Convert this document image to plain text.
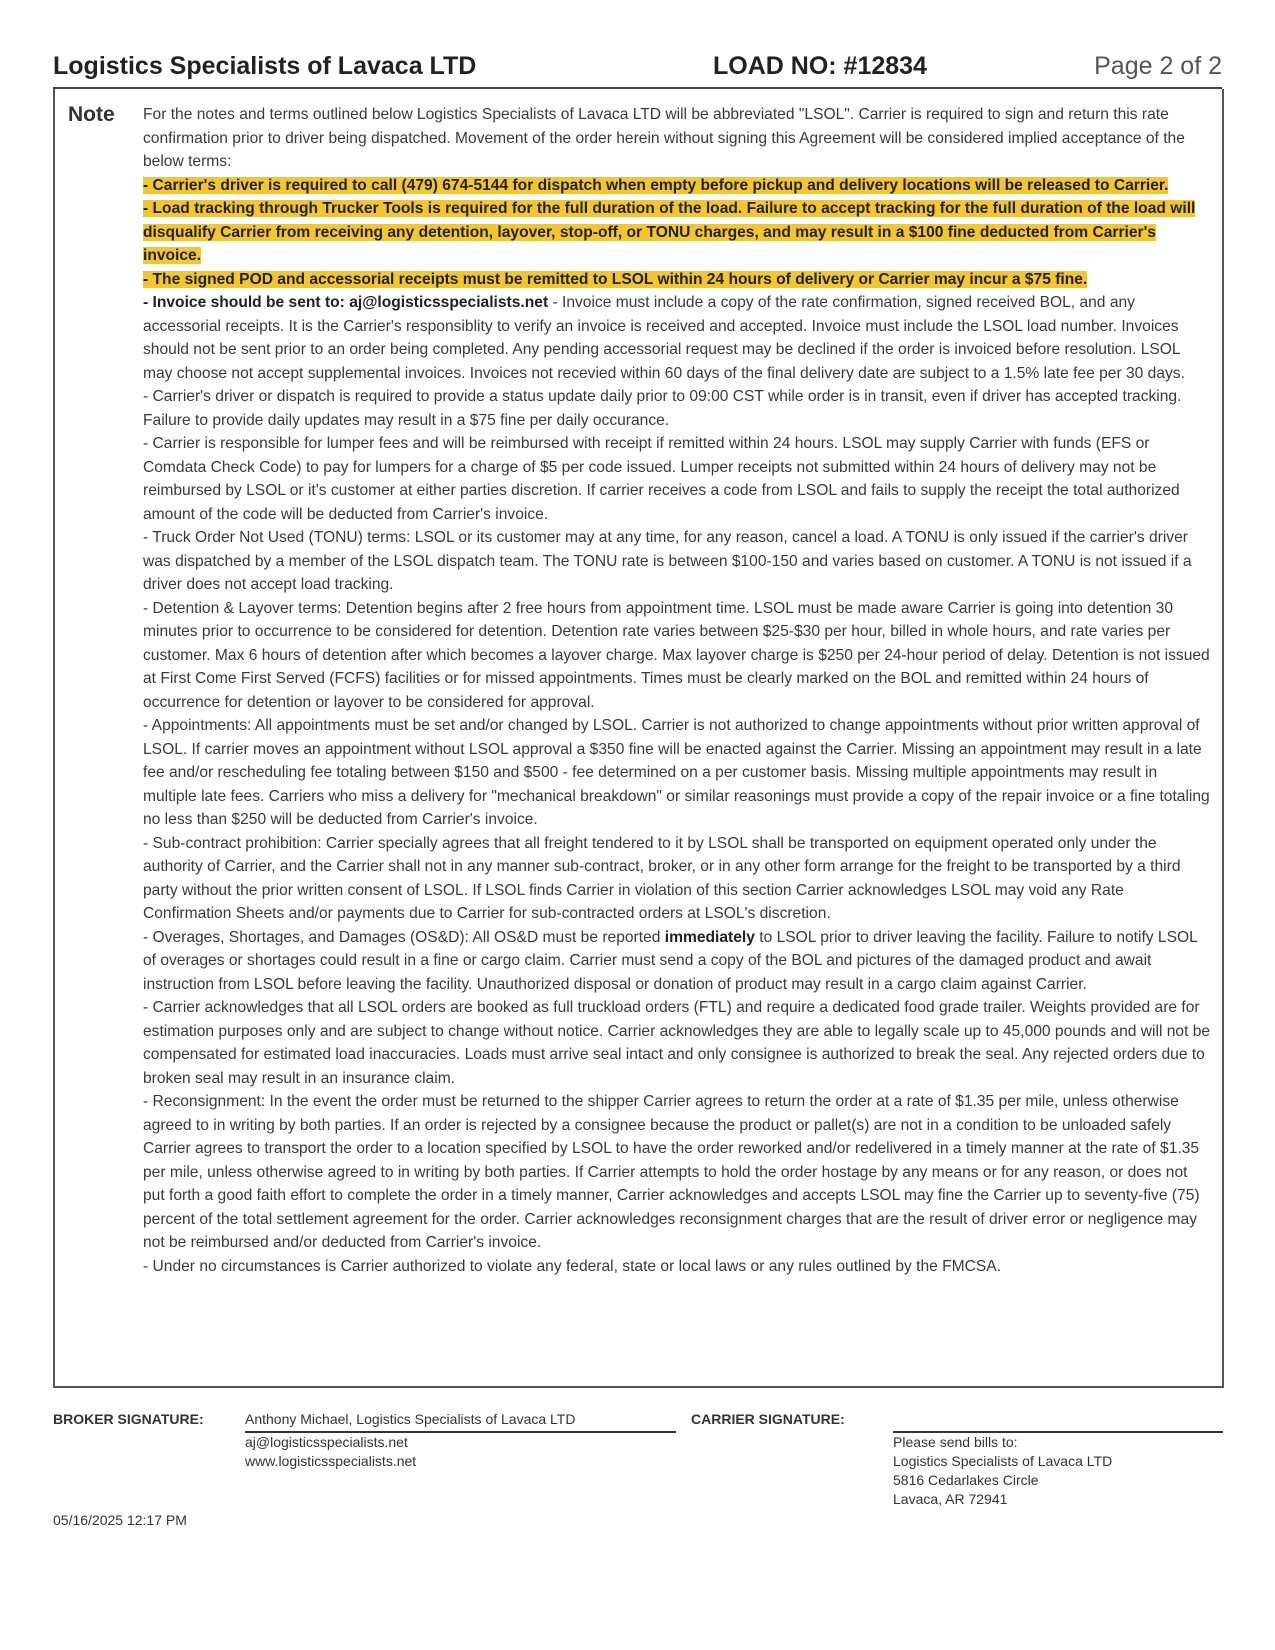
Logistics Specialists of Lavaca LTD	LOAD NO: #12834	Page 2 of 2
Note For the notes and terms outlined below Logistics Specialists of Lavaca LTD will be abbreviated "LSOL". Carrier is required to sign and return this rate confirmation prior to driver being dispatched. Movement of the order herein without signing this Agreement will be considered implied acceptance of the below terms:

- Carrier's driver is required to call (479) 674-5144 for dispatch when empty before pickup and delivery locations will be released to Carrier.

- Load tracking through Trucker Tools is required for the full duration of the load. Failure to accept tracking for the full duration of the load will disqualify Carrier from receiving any detention, layover, stop-off, or TONU charges, and may result in a $100 fine deducted from Carrier's invoice.

- The signed POD and accessorial receipts must be remitted to LSOL within 24 hours of delivery or Carrier may incur a $75 fine.

- Invoice should be sent to: aj@logisticsspecialists.net - Invoice must include a copy of the rate confirmation, signed received BOL, and any accessorial receipts. It is the Carrier's responsiblity to verify an invoice is received and accepted. Invoice must include the LSOL load number. Invoices should not be sent prior to an order being completed. Any pending accessorial request may be declined if the order is invoiced before resolution. LSOL may choose not accept supplemental invoices. Invoices not recevied within 60 days of the final delivery date are subject to a 1.5% late fee per 30 days.

- Carrier's driver or dispatch is required to provide a status update daily prior to 09:00 CST while order is in transit, even if driver has accepted tracking. Failure to provide daily updates may result in a $75 fine per daily occurance.

- Carrier is responsible for lumper fees and will be reimbursed with receipt if remitted within 24 hours. LSOL may supply Carrier with funds (EFS or Comdata Check Code) to pay for lumpers for a charge of $5 per code issued. Lumper receipts not submitted within 24 hours of delivery may not be reimbursed by LSOL or it's customer at either parties discretion. If carrier receives a code from LSOL and fails to supply the receipt the total authorized amount of the code will be deducted from Carrier's invoice.

- Truck Order Not Used (TONU) terms: LSOL or its customer may at any time, for any reason, cancel a load. A TONU is only issued if the carrier's driver was dispatched by a member of the LSOL dispatch team. The TONU rate is between $100-150 and varies based on customer. A TONU is not issued if a driver does not accept load tracking.

- Detention & Layover terms: Detention begins after 2 free hours from appointment time. LSOL must be made aware Carrier is going into detention 30 minutes prior to occurrence to be considered for detention. Detention rate varies between $25-$30 per hour, billed in whole hours, and rate varies per customer. Max 6 hours of detention after which becomes a layover charge. Max layover charge is $250 per 24-hour period of delay. Detention is not issued at First Come First Served (FCFS) facilities or for missed appointments. Times must be clearly marked on the BOL and remitted within 24 hours of occurrence for detention or layover to be considered for approval.

- Appointments: All appointments must be set and/or changed by LSOL. Carrier is not authorized to change appointments without prior written approval of LSOL. If carrier moves an appointment without LSOL approval a $350 fine will be enacted against the Carrier. Missing an appointment may result in a late fee and/or rescheduling fee totaling between $150 and $500 - fee determined on a per customer basis. Missing multiple appointments may result in multiple late fees. Carriers who miss a delivery for "mechanical breakdown" or similar reasonings must provide a copy of the repair invoice or a fine totaling no less than $250 will be deducted from Carrier's invoice.

- Sub-contract prohibition: Carrier specially agrees that all freight tendered to it by LSOL shall be transported on equipment operated only under the authority of Carrier, and the Carrier shall not in any manner sub-contract, broker, or in any other form arrange for the freight to be transported by a third party without the prior written consent of LSOL. If LSOL finds Carrier in violation of this section Carrier acknowledges LSOL may void any Rate Confirmation Sheets and/or payments due to Carrier for sub-contracted orders at LSOL's discretion.

- Overages, Shortages, and Damages (OS&D): All OS&D must be reported immediately to LSOL prior to driver leaving the facility. Failure to notify LSOL of overages or shortages could result in a fine or cargo claim. Carrier must send a copy of the BOL and pictures of the damaged product and await instruction from LSOL before leaving the facility. Unauthorized disposal or donation of product may result in a cargo claim against Carrier.

- Carrier acknowledges that all LSOL orders are booked as full truckload orders (FTL) and require a dedicated food grade trailer. Weights provided are for estimation purposes only and are subject to change without notice. Carrier acknowledges they are able to legally scale up to 45,000 pounds and will not be compensated for estimated load inaccuracies. Loads must arrive seal intact and only consignee is authorized to break the seal. Any rejected orders due to broken seal may result in an insurance claim.

- Reconsignment: In the event the order must be returned to the shipper Carrier agrees to return the order at a rate of $1.35 per mile, unless otherwise agreed to in writing by both parties. If an order is rejected by a consignee because the product or pallet(s) are not in a condition to be unloaded safely Carrier agrees to transport the order to a location specified by LSOL to have the order reworked and/or redelivered in a timely manner at the rate of $1.35 per mile, unless otherwise agreed to in writing by both parties. If Carrier attempts to hold the order hostage by any means or for any reason, or does not put forth a good faith effort to complete the order in a timely manner, Carrier acknowledges and accepts LSOL may fine the Carrier up to seventy-five (75) percent of the total settlement agreement for the order. Carrier acknowledges reconsignment charges that are the result of driver error or negligence may not be reimbursed and/or deducted from Carrier's invoice.

- Under no circumstances is Carrier authorized to violate any federal, state or local laws or any rules outlined by the FMCSA.

BROKER SIGNATURE:	Anthony Michael, Logistics Specialists of Lavaca LTD
aj@logisticsspecialists.net
www.logisticsspecialists.net
CARRIER SIGNATURE:
Please send bills to:
Logistics Specialists of Lavaca LTD
5816 Cedarlakes Circle
Lavaca, AR 72941
05/16/2025 12:17 PM
